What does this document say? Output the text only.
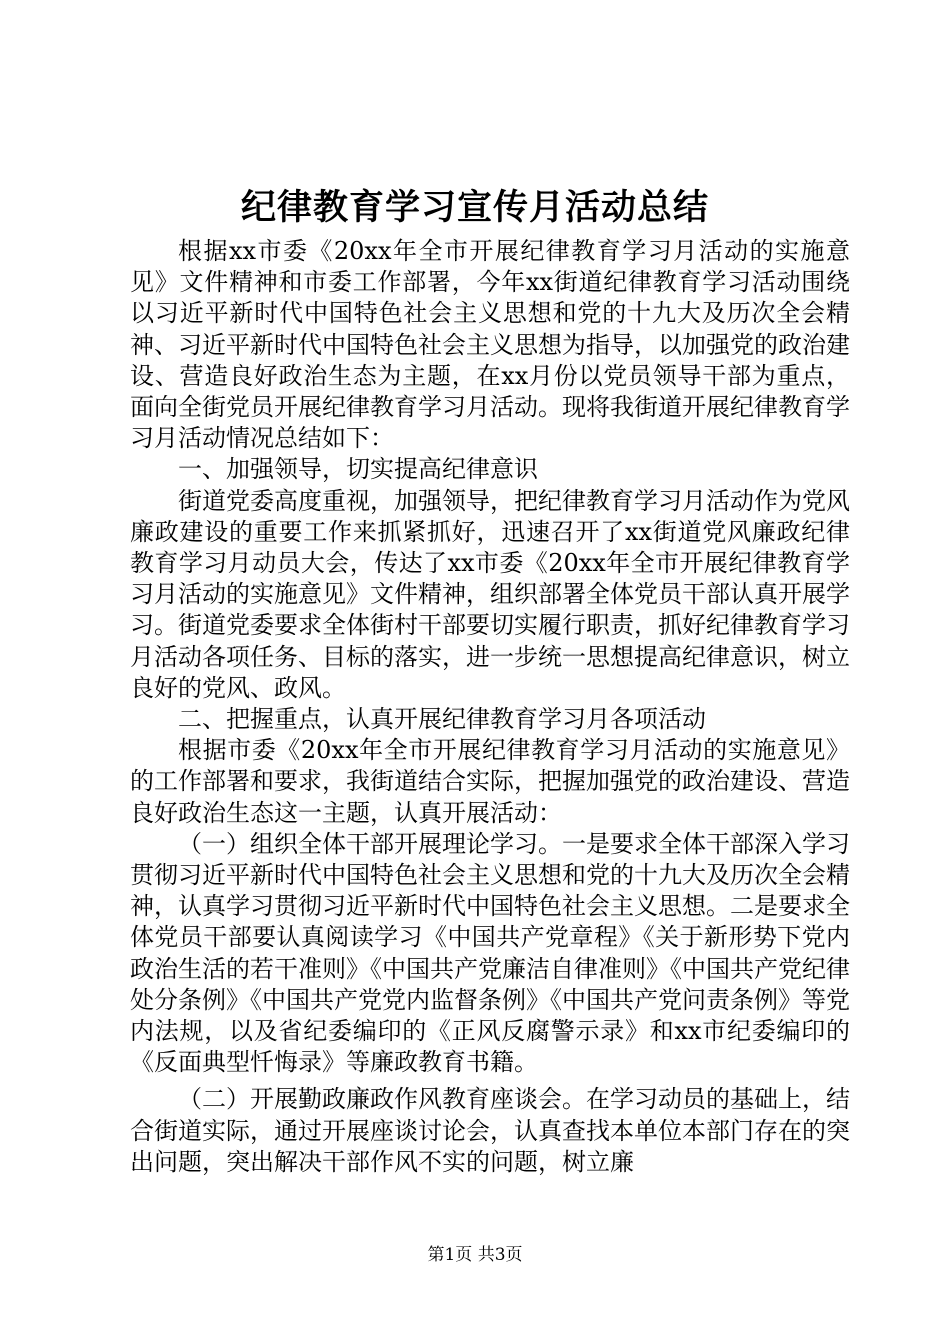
纪律教育学习宣传月活动总结

根据xx市委《20xx年全市开展纪律教育学习月活动的实施意见》文件精神和市委工作部署，今年xx街道纪律教育学习活动围绕以习近平新时代中国特色社会主义思想和党的十九大及历次全会精神、习近平新时代中国特色社会主义思想为指导，以加强党的政治建设、营造良好政治生态为主题，在xx月份以党员领导干部为重点，面向全街党员开展纪律教育学习月活动。现将我街道开展纪律教育学习月活动情况总结如下：

一、加强领导，切实提高纪律意识

街道党委高度重视，加强领导，把纪律教育学习月活动作为党风廉政建设的重要工作来抓紧抓好，迅速召开了xx街道党风廉政纪律教育学习月动员大会，传达了xx市委《20xx年全市开展纪律教育学习月活动的实施意见》文件精神，组织部署全体党员干部认真开展学习。街道党委要求全体街村干部要切实履行职责，抓好纪律教育学习月活动各项任务、目标的落实，进一步统一思想提高纪律意识，树立良好的党风、政风。

二、把握重点，认真开展纪律教育学习月各项活动

根据市委《20xx年全市开展纪律教育学习月活动的实施意见》的工作部署和要求，我街道结合实际，把握加强党的政治建设、营造良好政治生态这一主题，认真开展活动：

（一）组织全体干部开展理论学习。一是要求全体干部深入学习贯彻习近平新时代中国特色社会主义思想和党的十九大及历次全会精神，认真学习贯彻习近平新时代中国特色社会主义思想。二是要求全体党员干部要认真阅读学习《中国共产党章程》《关于新形势下党内政治生活的若干准则》《中国共产党廉洁自律准则》《中国共产党纪律处分条例》《中国共产党党内监督条例》《中国共产党问责条例》等党内法规，以及省纪委编印的《正风反腐警示录》和xx市纪委编印的《反面典型忏悔录》等廉政教育书籍。

（二）开展勤政廉政作风教育座谈会。在学习动员的基础上，结合街道实际，通过开展座谈讨论会，认真查找本单位本部门存在的突出问题，突出解决干部作风不实的问题，树立廉

第1页 共3页
